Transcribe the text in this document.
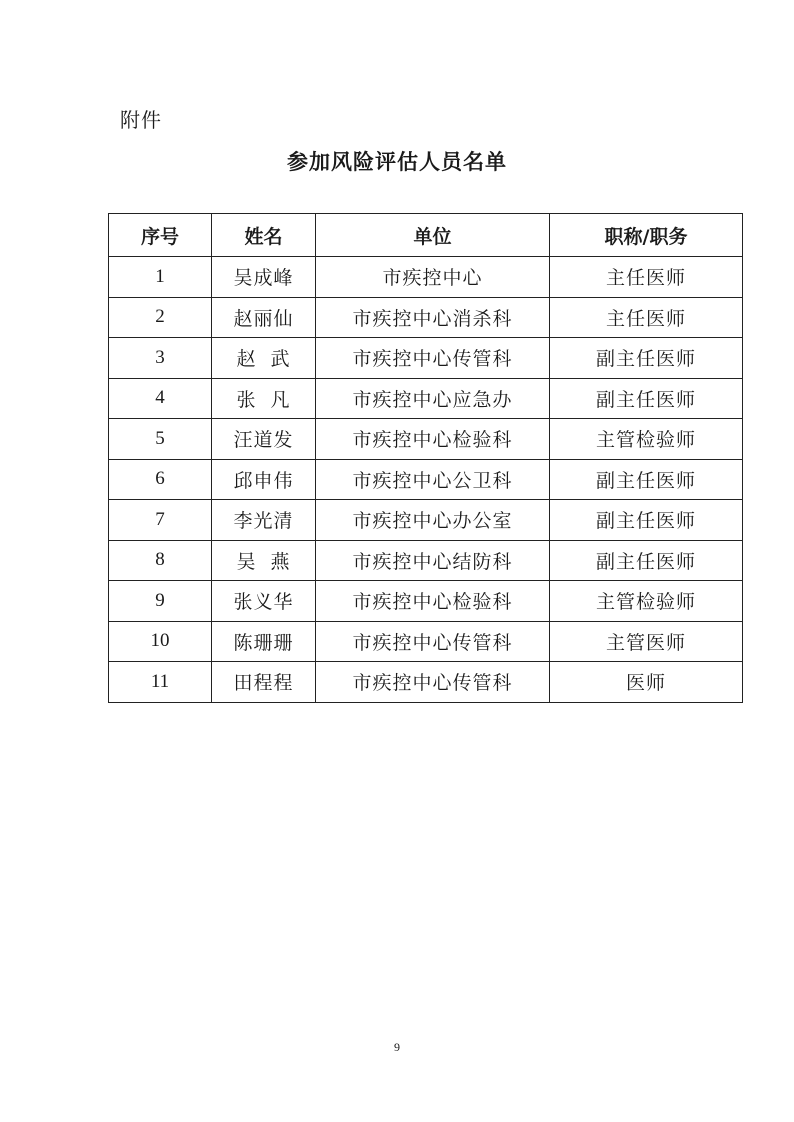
附件
参加风险评估人员名单
序号	姓名	单位	职称/职务
1	吴成峰	市疾控中心	主任医师
2	赵丽仙	市疾控中心消杀科	主任医师
3	赵  武	市疾控中心传管科	副主任医师
4	张  凡	市疾控中心应急办	副主任医师
5	汪道发	市疾控中心检验科	主管检验师
6	邱申伟	市疾控中心公卫科	副主任医师
7	李光清	市疾控中心办公室	副主任医师
8	吴  燕	市疾控中心结防科	副主任医师
9	张义华	市疾控中心检验科	主管检验师
10	陈珊珊	市疾控中心传管科	主管医师
11	田程程	市疾控中心传管科	医师
9
